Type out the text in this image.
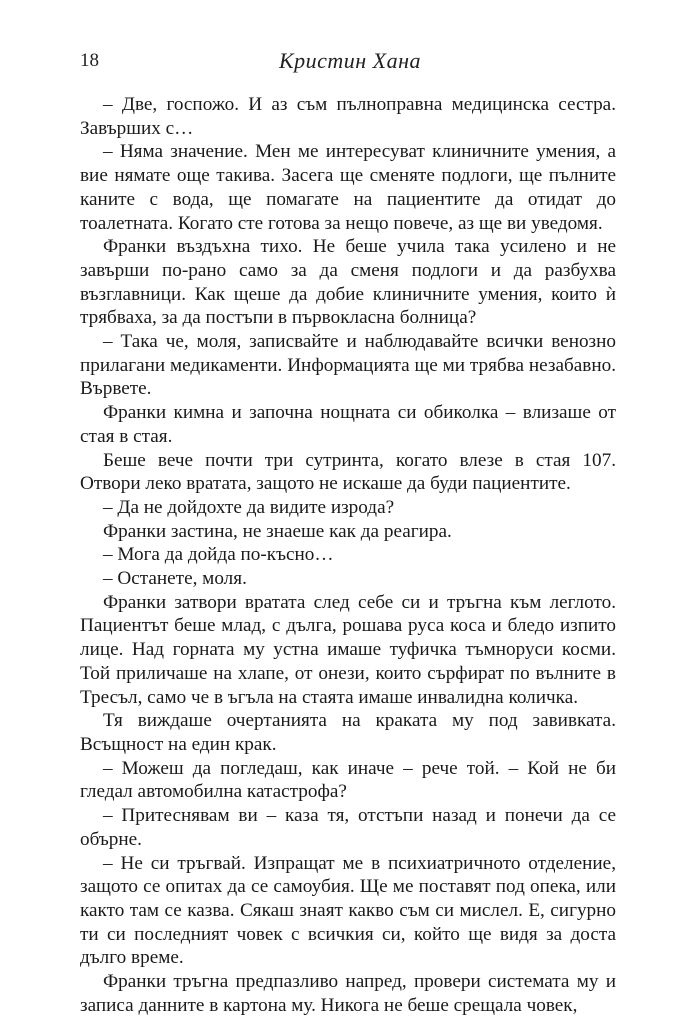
18	Кристин Хана

– Две, госпожо. И аз съм пълноправна медицинска сестра. Завърших с…

– Няма значение. Мен ме интересуват клиничните умения, а вие нямате още такива. Засега ще сменяте подлоги, ще пълните каните с вода, ще помагате на пациентите да отидат до тоалетната. Когато сте готова за нещо повече, аз ще ви уведомя.

Франки въздъхна тихо. Не беше учила така усилено и не завърши по-рано само за да сменя подлоги и да разбухва възглавници. Как щеше да добие клиничните умения, които ѝ трябваха, за да постъпи в първокласна болница?

– Така че, моля, записвайте и наблюдавайте всички венозно прилагани медикаменти. Информацията ще ми трябва незабавно. Вървете.

Франки кимна и започна нощната си обиколка – влизаше от стая в стая.

Беше вече почти три сутринта, когато влезе в стая 107. Отвори леко вратата, защото не искаше да буди пациентите.

– Да не дойдохте да видите изрода?

Франки застина, не знаеше как да реагира.

– Мога да дойда по-късно…

– Останете, моля.

Франки затвори вратата след себе си и тръгна към леглото. Пациентът беше млад, с дълга, рошава руса коса и бледо изпито лице. Над горната му устна имаше туфичка тъмноруси косми. Той приличаше на хлапе, от онези, които сърфират по вълните в Тресъл, само че в ъгъла на стаята имаше инвалидна количка.

Тя виждаше очертанията на краката му под завивката. Всъщност на един крак.

– Можеш да погледаш, как иначе – рече той. – Кой не би гледал автомобилна катастрофа?

– Притеснявам ви – каза тя, отстъпи назад и понечи да се обърне.

– Не си тръгвай. Изпращат ме в психиатричното отделение, защото се опитах да се самоубия. Ще ме поставят под опека, или както там се казва. Сякаш знаят какво съм си мислел. Е, сигурно ти си последният човек с всичкия си, който ще видя за доста дълго време.

Франки тръгна предпазливо напред, провери системата му и записа данните в картона му. Никога не беше срещала човек,
